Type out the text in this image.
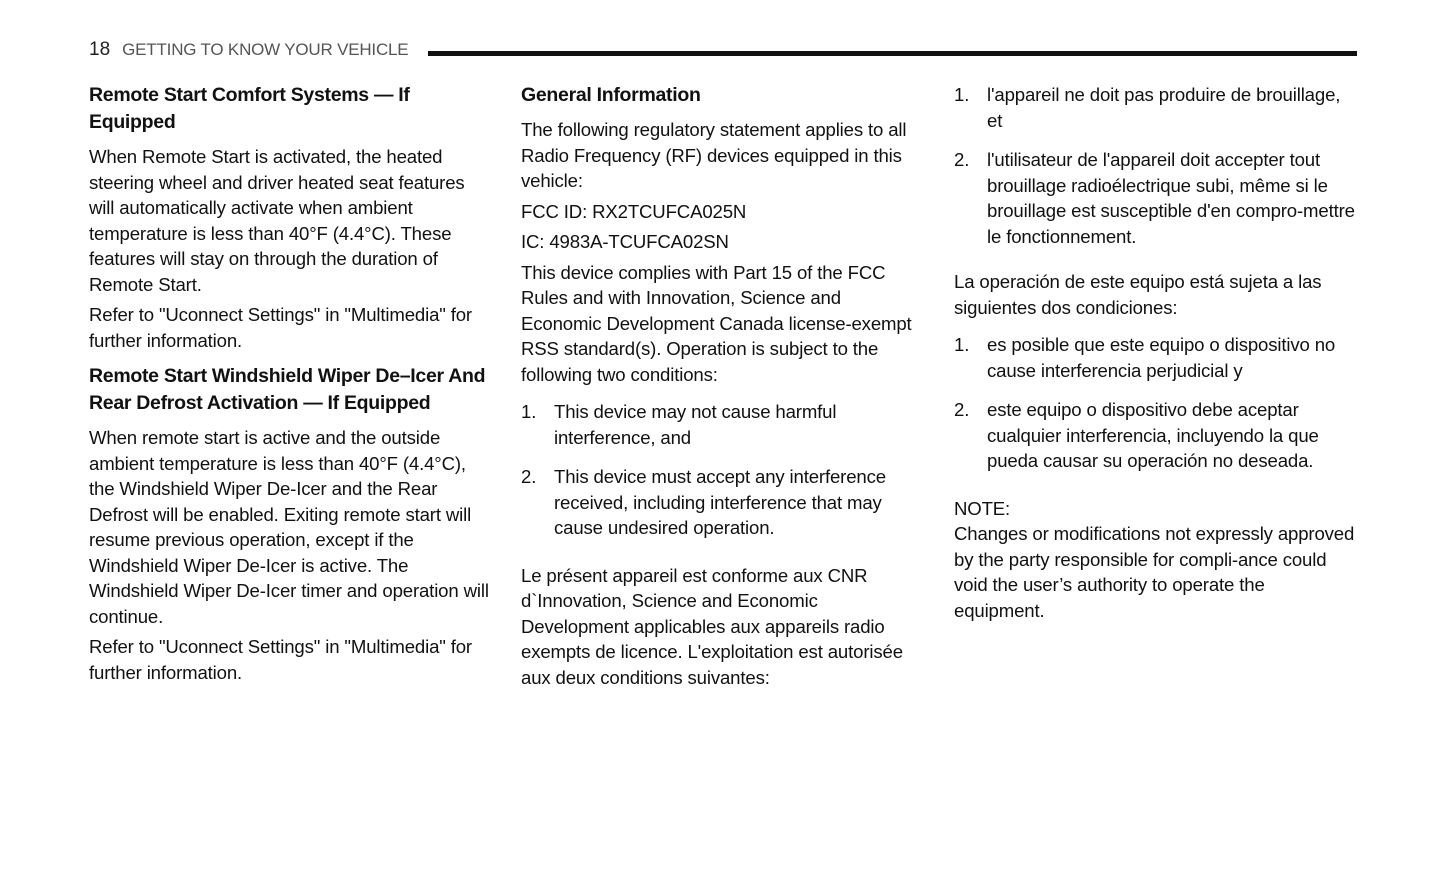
18 GETTING TO KNOW YOUR VEHICLE
Remote Start Comfort Systems — If Equipped

When Remote Start is activated, the heated steering wheel and driver heated seat features will automatically activate when ambient temperature is less than 40°F (4.4°C). These features will stay on through the duration of Remote Start.

Refer to "Uconnect Settings" in "Multimedia" for further information.

Remote Start Windshield Wiper De–Icer And Rear Defrost Activation — If Equipped

When remote start is active and the outside ambient temperature is less than 40°F (4.4°C), the Windshield Wiper De-Icer and the Rear Defrost will be enabled. Exiting remote start will resume previous operation, except if the Windshield Wiper De-Icer is active. The Windshield Wiper De-Icer timer and operation will continue.

Refer to "Uconnect Settings" in "Multimedia" for further information.

General Information

The following regulatory statement applies to all Radio Frequency (RF) devices equipped in this vehicle:

FCC ID: RX2TCUFCA025N

IC: 4983A-TCUFCA02SN

This device complies with Part 15 of the FCC Rules and with Innovation, Science and Economic Development Canada license-exempt RSS standard(s). Operation is subject to the following two conditions:

1. This device may not cause harmful interference, and
2. This device must accept any interference received, including interference that may cause undesired operation.

Le présent appareil est conforme aux CNR d`Innovation, Science and Economic Development applicables aux appareils radio exempts de licence. L'exploitation est autorisée aux deux conditions suivantes:

1. l'appareil ne doit pas produire de brouillage, et
2. l'utilisateur de l'appareil doit accepter tout brouillage radioélectrique subi, même si le brouillage est susceptible d'en compro-mettre le fonctionnement.

La operación de este equipo está sujeta a las siguientes dos condiciones:

1. es posible que este equipo o dispositivo no cause interferencia perjudicial y
2. este equipo o dispositivo debe aceptar cualquier interferencia, incluyendo la que pueda causar su operación no deseada.

NOTE:

Changes or modifications not expressly approved by the party responsible for compli-ance could void the user’s authority to operate the equipment.
